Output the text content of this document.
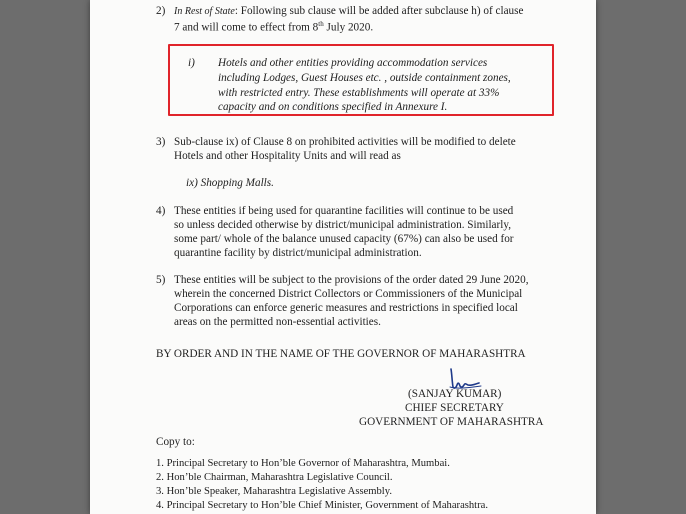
2) In Rest of State: Following sub clause will be added after subclause h) of clause
7 and will come to effect from 8th July 2020.
i) Hotels and other entities providing accommodation services
including Lodges, Guest Houses etc. , outside containment zones,
with restricted entry. These establishments will operate at 33%
capacity and on conditions specified in Annexure I.
3) Sub-clause ix) of Clause 8 on prohibited activities will be modified to delete
Hotels and other Hospitality Units and will read as
ix) Shopping Malls.
4) These entities if being used for quarantine facilities will continue to be used
so unless decided otherwise by district/municipal administration. Similarly,
some part/ whole of the balance unused capacity (67%) can also be used for
quarantine facility by district/municipal administration.
5) These entities will be subject to the provisions of the order dated 29 June 2020,
wherein the concerned District Collectors or Commissioners of the Municipal
Corporations can enforce generic measures and restrictions in specified local
areas on the permitted non-essential activities.
BY ORDER AND IN THE NAME OF THE GOVERNOR OF MAHARASHTRA
(SANJAY KUMAR)
CHIEF SECRETARY
GOVERNMENT OF MAHARASHTRA
Copy to:
1. Principal Secretary to Hon’ble Governor of Maharashtra, Mumbai.
2. Hon’ble Chairman, Maharashtra Legislative Council.
3. Hon’ble Speaker, Maharashtra Legislative Assembly.
4. Principal Secretary to Hon’ble Chief Minister, Government of Maharashtra.
